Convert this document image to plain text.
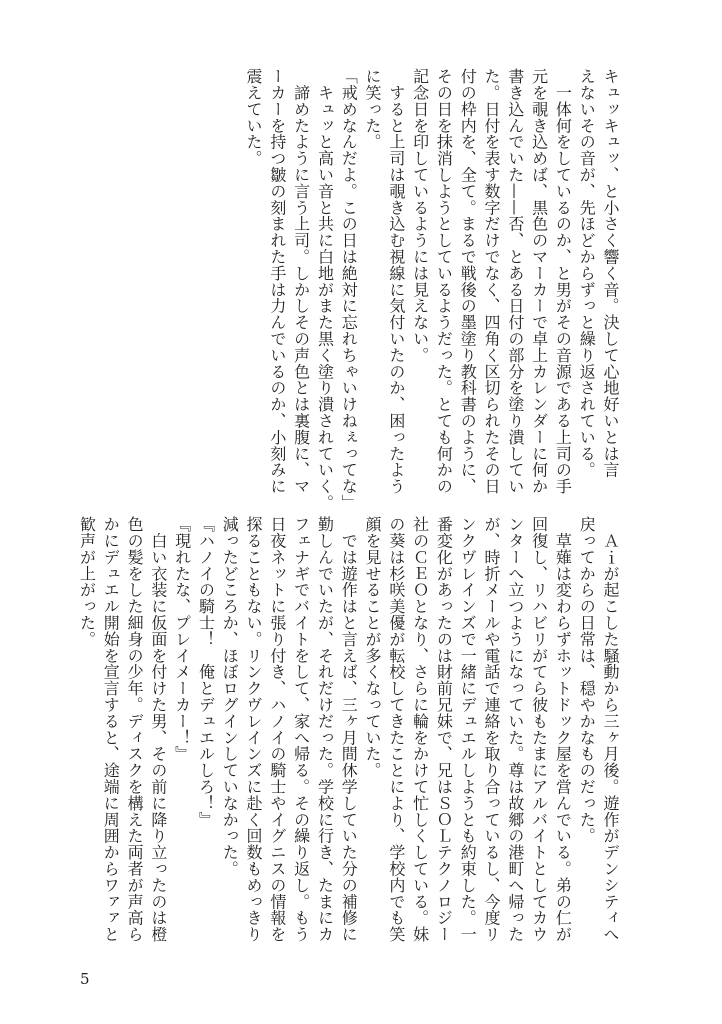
キュッキュッ、と小さく響く音。決して心地好いとは言
えないその音が、先ほどからずっと繰り返されている。
　一体何をしているのか、と男がその音源である上司の手
元を覗き込めば、黒色のマーカーで卓上カレンダーに何か
書き込んでいた——否、とある日付の部分を塗り潰してい
た。日付を表す数字だけでなく、四角く区切られたその日
付の枠内を、全て。まるで戦後の墨塗り教科書のように、
その日を抹消しようとしているようだった。とても何かの
記念日を印しているようには見えない。
　すると上司は覗き込む視線に気付いたのか、困ったよう
に笑った。
「戒めなんだよ。この日は絶対に忘れちゃいけねぇってな」
　キュッと高い音と共に白地がまた黒く塗り潰されていく。
　諦めたように言う上司。しかしその声色とは裏腹に、マ
ーカーを持つ皺の刻まれた手は力んでいるのか、小刻みに
震えていた。
　Ａｉが起こした騒動から三ヶ月後。遊作がデンシティへ
戻ってからの日常は、穏やかなものだった。
　草薙は変わらずホットドック屋を営んでいる。弟の仁が
回復し、リハビリがてら彼もたまにアルバイトとしてカウ
ンターへ立つようになっていた。尊は故郷の港町へ帰った
が、時折メールや電話で連絡を取り合っているし、今度リ
ンクヴレインズで一緒にデュエルしようとも約束した。一
番変化があったのは財前兄妹で、兄はＳＯＬテクノロジー
社のＣＥＯとなり、さらに輪をかけて忙しくしている。妹
の葵は杉咲美優が転校してきたことにより、学校内でも笑
顔を見せることが多くなっていた。
　では遊作はと言えば、三ヶ月間休学していた分の補修に
勤しんでいたが、それだけだった。学校に行き、たまにカ
フェナギでバイトをして、家へ帰る。その繰り返し。もう
日夜ネットに張り付き、ハノイの騎士やイグニスの情報を
探ることもない。リンクヴレインズに赴く回数もめっきり
減ったどころか、ほぼログインしていなかった。
『ハノイの騎士！　俺とデュエルしろ！』
『現れたな、プレイメーカー！』
　白い衣装に仮面を付けた男、その前に降り立ったのは橙
色の髪をした細身の少年。ディスクを構えた両者が声高ら
かにデュエル開始を宣言すると、途端に周囲からワァァと
歓声が上がった。
5
